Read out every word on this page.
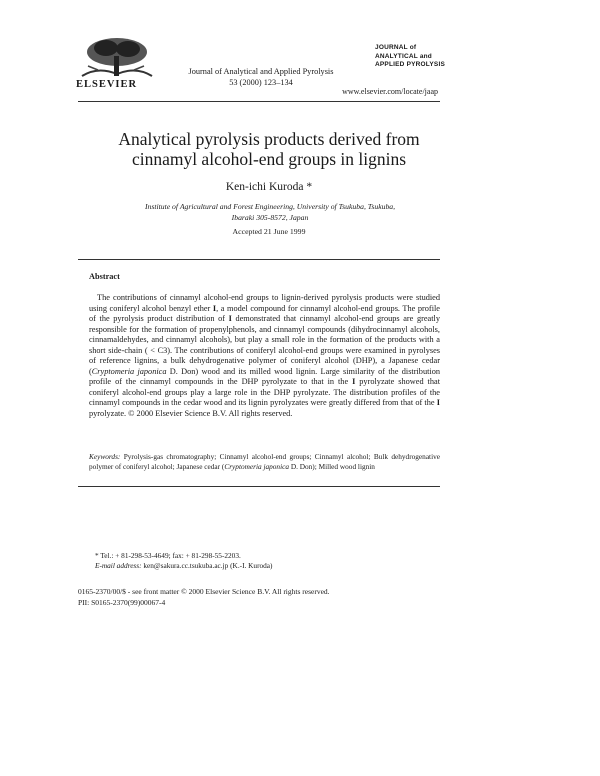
ELSEVIER
Journal of Analytical and Applied Pyrolysis
53 (2000) 123–134
JOURNAL of
ANALYTICAL and
APPLIED PYROLYSIS
www.elsevier.com/locate/jaap
Analytical pyrolysis products derived from
cinnamyl alcohol-end groups in lignins
Ken-ichi Kuroda *
Institute of Agricultural and Forest Engineering, University of Tsukuba, Tsukuba,
Ibaraki 305-8572, Japan
Accepted 21 June 1999
Abstract

The contributions of cinnamyl alcohol-end groups to lignin-derived pyrolysis products were studied using coniferyl alcohol benzyl ether I, a model compound for cinnamyl alcohol-end groups. The profile of the pyrolysis product distribution of I demonstrated that cinnamyl alcohol-end groups are greatly responsible for the formation of propenylphenols, and cinnamyl compounds (dihydrocinnamyl alcohols, cinnamaldehydes, and cinnamyl alcohols), but play a small role in the formation of the products with a short side-chain ( < C3). The contributions of coniferyl alcohol-end groups were examined in pyrolyses of reference lignins, a bulk dehydrogenative polymer of coniferyl alcohol (DHP), a Japanese cedar (Cryptomeria japonica D. Don) wood and its milled wood lignin. Large similarity of the distribution profile of the cinnamyl compounds in the DHP pyrolyzate to that in the I pyrolyzate showed that coniferyl alcohol-end groups play a large role in the DHP pyrolyzate. The distribution profiles of the cinnamyl compounds in the cedar wood and its lignin pyrolyzates were greatly differed from that of the I pyrolyzate. © 2000 Elsevier Science B.V. All rights reserved.

Keywords: Pyrolysis-gas chromatography; Cinnamyl alcohol-end groups; Cinnamyl alcohol; Bulk dehydrogenative polymer of coniferyl alcohol; Japanese cedar (Cryptomeria japonica D. Don); Milled wood lignin
* Tel.: + 81-298-53-4649; fax: + 81-298-55-2203.
E-mail address: ken@sakura.cc.tsukuba.ac.jp (K.-I. Kuroda)
0165-2370/00/$ - see front matter © 2000 Elsevier Science B.V. All rights reserved.
PII: S0165-2370(99)00067-4
